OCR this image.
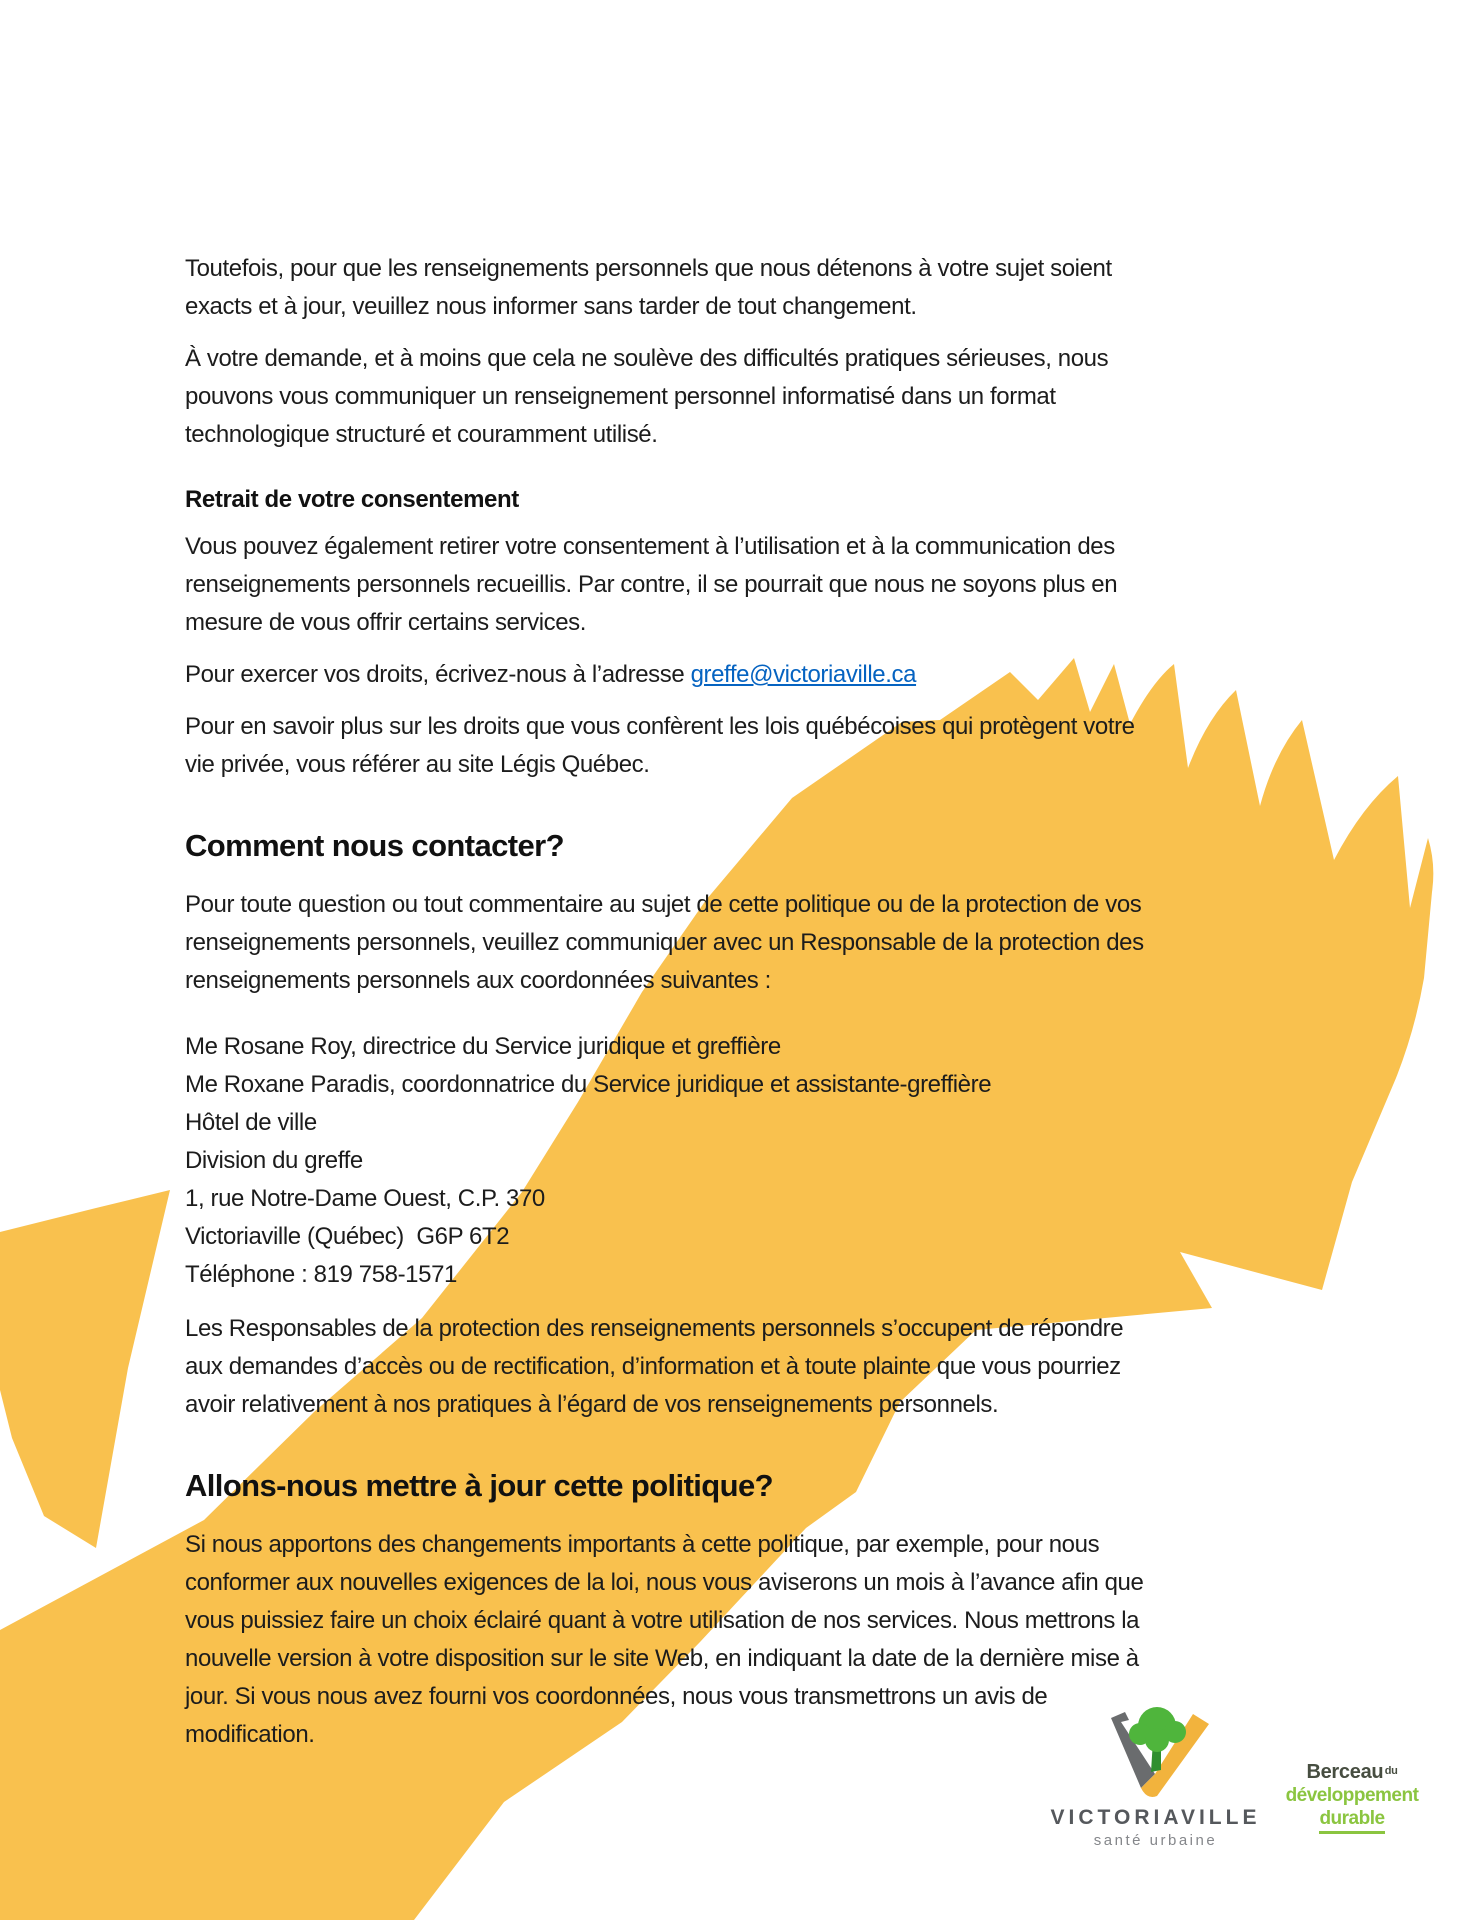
Toutefois, pour que les renseignements personnels que nous détenons à votre sujet soient exacts et à jour, veuillez nous informer sans tarder de tout changement.

À votre demande, et à moins que cela ne soulève des difficultés pratiques sérieuses, nous pouvons vous communiquer un renseignement personnel informatisé dans un format technologique structuré et couramment utilisé.

Retrait de votre consentement

Vous pouvez également retirer votre consentement à l’utilisation et à la communication des renseignements personnels recueillis. Par contre, il se pourrait que nous ne soyons plus en mesure de vous offrir certains services.

Pour exercer vos droits, écrivez-nous à l’adresse greffe@victoriaville.ca

Pour en savoir plus sur les droits que vous confèrent les lois québécoises qui protègent votre vie privée, vous référer au site Légis Québec.

Comment nous contacter?

Pour toute question ou tout commentaire au sujet de cette politique ou de la protection de vos renseignements personnels, veuillez communiquer avec un Responsable de la protection des renseignements personnels aux coordonnées suivantes :

Me Rosane Roy, directrice du Service juridique et greffière
Me Roxane Paradis, coordonnatrice du Service juridique et assistante-greffière
Hôtel de ville
Division du greffe
1, rue Notre-Dame Ouest, C.P. 370
Victoriaville (Québec)  G6P 6T2
Téléphone : 819 758-1571

Les Responsables de la protection des renseignements personnels s’occupent de répondre aux demandes d’accès ou de rectification, d’information et à toute plainte que vous pourriez avoir relativement à nos pratiques à l’égard de vos renseignements personnels.

Allons-nous mettre à jour cette politique?

Si nous apportons des changements importants à cette politique, par exemple, pour nous conformer aux nouvelles exigences de la loi, nous vous aviserons un mois à l’avance afin que vous puissiez faire un choix éclairé quant à votre utilisation de nos services. Nous mettrons la nouvelle version à votre disposition sur le site Web, en indiquant la date de la dernière mise à jour. Si vous nous avez fourni vos coordonnées, nous vous transmettrons un avis de modification.

VICTORIAVILLE
santé urbaine
Berceau $^{du}$
développement
durable
